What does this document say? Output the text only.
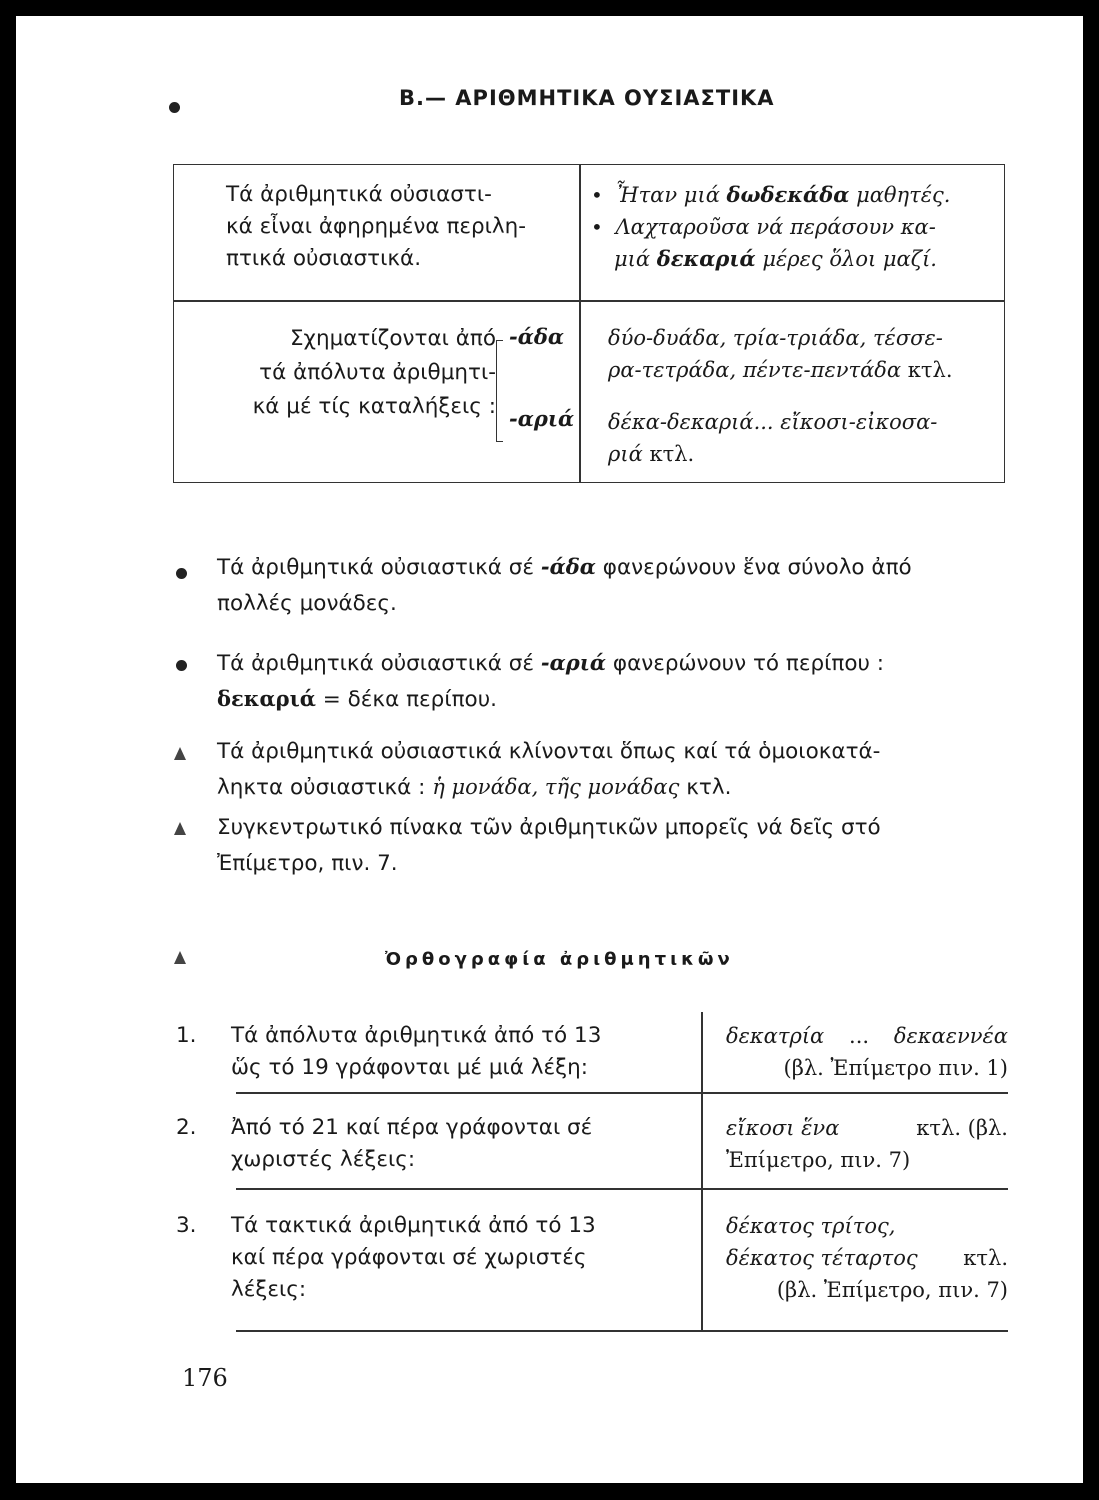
Β.— ΑΡΙΘΜΗΤΙΚΑ ΟΥΣΙΑΣΤΙΚΑ
Τά ἀριθμητικά οὐσιαστι-
κά εἶναι ἀφηρημένα περιλη-
πτικά οὐσιαστικά.
•  Ἦταν μιά δωδεκάδα μαθητές.
•  Λαχταροῦσα νά περάσουν κα-
μιά δεκαριά μέρες ὅλοι μαζί.
Σχηματίζονται ἀπό
τά ἀπόλυτα ἀριθμητι-
κά μέ τίς καταλήξεις :
-άδα
-αριά
δύο-δυάδα, τρία-τριάδα, τέσσε-
ρα-τετράδα, πέντε-πεντάδα κτλ.
δέκα-δεκαριά... εἴκοσι-εἰκοσα-
ριά κτλ.
Τά ἀριθμητικά οὐσιαστικά σέ -άδα φανερώνουν ἕνα σύνολο ἀπό
πολλές μονάδες.
Τά ἀριθμητικά οὐσιαστικά σέ -αριά φανερώνουν τό περίπου :
δεκαριά = δέκα περίπου.
Τά ἀριθμητικά οὐσιαστικά κλίνονται ὅπως καί τά ὁμοιοκατά-
ληκτα οὐσιαστικά : ἡ μονάδα, τῆς μονάδας κτλ.
Συγκεντρωτικό πίνακα τῶν ἀριθμητικῶν μπορεῖς νά δεῖς στό
Ἐπίμετρο, πιν. 7.
Ὀρθογραφία ἀριθμητικῶν
1. Τά ἀπόλυτα ἀριθμητικά ἀπό τό 13
ὥς τό 19 γράφονται μέ μιά λέξη:
δεκατρία ... δεκαεννέα
(βλ. Ἐπίμετρο πιν. 1)
2. Ἀπό τό 21 καί πέρα γράφονται σέ
χωριστές λέξεις:
εἴκοσι ἕνα	κτλ. (βλ.
Ἐπίμετρο, πιν. 7)
3. Τά τακτικά ἀριθμητικά ἀπό τό 13
καί πέρα γράφονται σέ χωριστές
λέξεις:
δέκατος τρίτος,
δέκατος τέταρτος κτλ.
(βλ. Ἐπίμετρο, πιν. 7)
176
